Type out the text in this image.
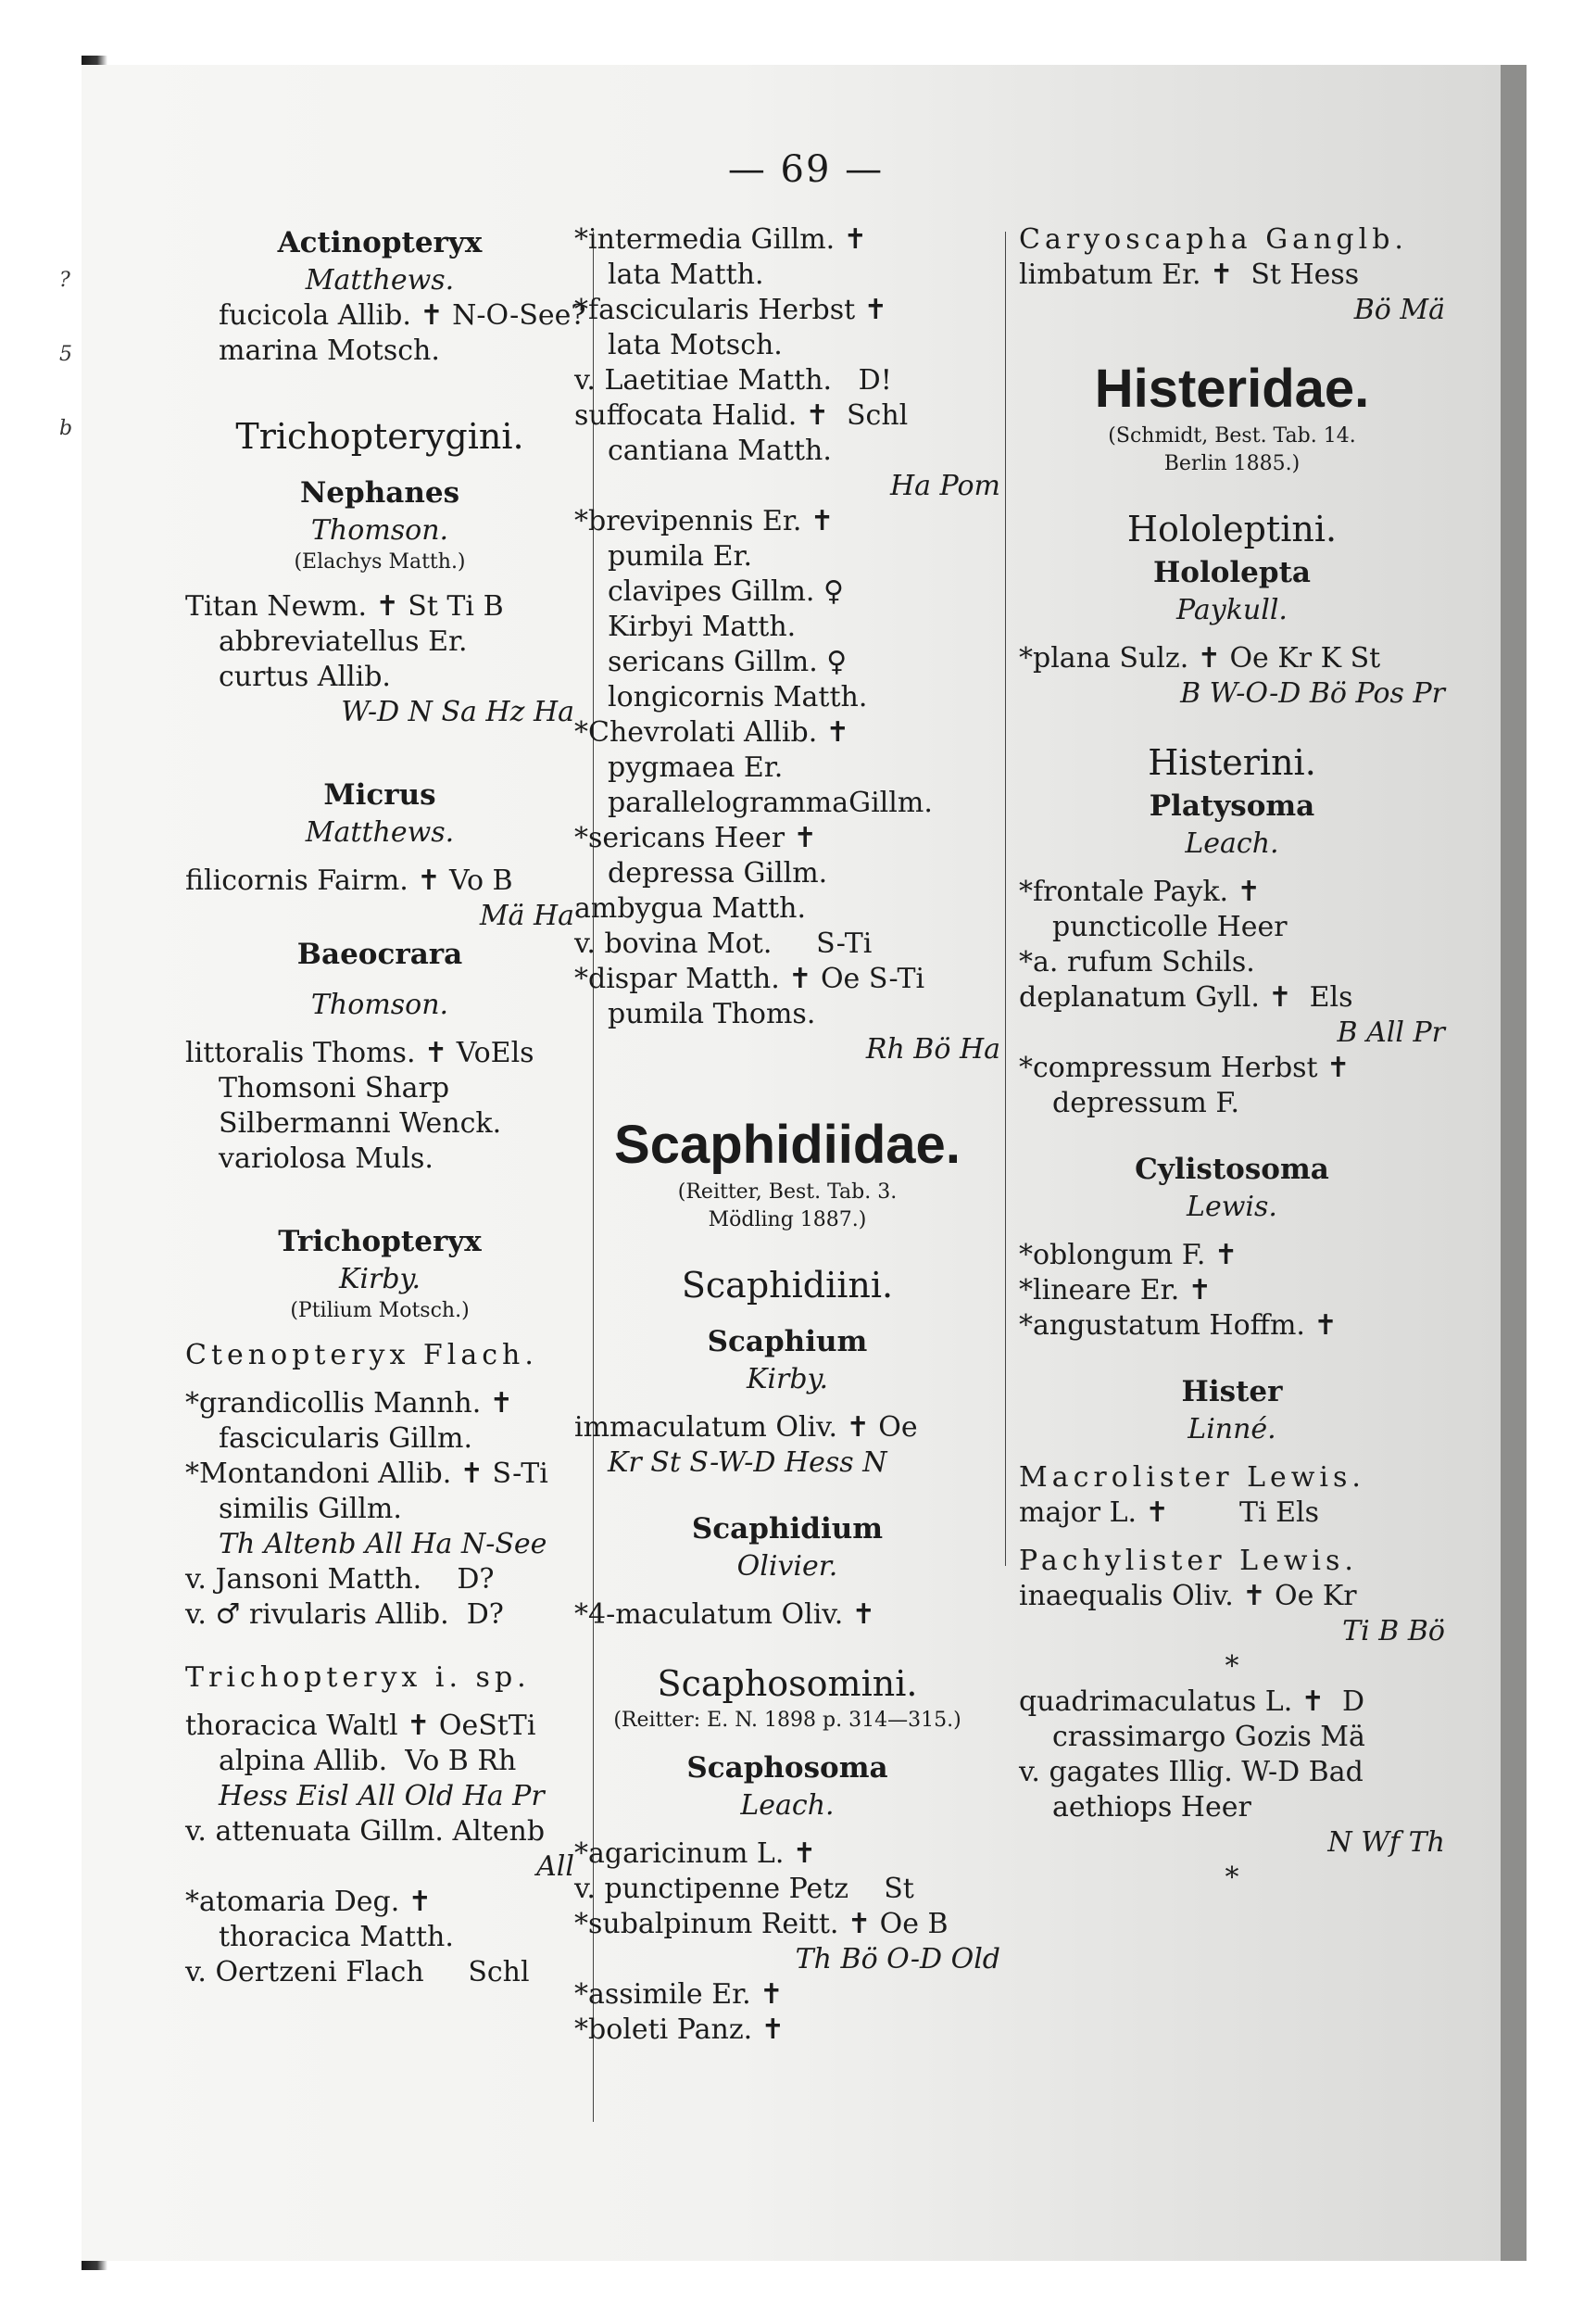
?
5
b
— 69 —
Actinopteryx
Matthews.
fucicola Allib. ✝ N-O-See?
marina Motsch.
Trichopterygini.
Nephanes
Thomson.
(Elachys Matth.)
Titan Newm. ✝ St Ti B
abbreviatellus Er.
curtus Allib.
W-D N Sa Hz Ha
Micrus
Matthews.
filicornis Fairm. ✝ Vo B
Mä Ha
Baeocrara
Thomson.
littoralis Thoms. ✝ VoEls
Thomsoni Sharp
Silbermanni Wenck.
variolosa Muls.
Trichopteryx
Kirby.
(Ptilium Motsch.)
Ctenopteryx Flach.
*grandicollis Mannh. ✝
fascicularis Gillm.
*Montandoni Allib. ✝ S-Ti
similis Gillm.
Th Altenb All Ha N-See
v. Jansoni Matth.    D?
v. ♂ rivularis Allib.  D?
Trichopteryx i. sp.
thoracica Waltl ✝ OeStTi
alpina Allib.  Vo B Rh
Hess Eisl All Old Ha Pr
v. attenuata Gillm. Altenb
All
*atomaria Deg. ✝
thoracica Matth.
v. Oertzeni Flach     Schl
*intermedia Gillm. ✝
lata Matth.
*fascicularis Herbst ✝
lata Motsch.
v. Laetitiae Matth.   D!
suffocata Halid. ✝  Schl
cantiana Matth.
Ha Pom
*brevipennis Er. ✝
pumila Er.
clavipes Gillm. ♀
Kirbyi Matth.
sericans Gillm. ♀
longicornis Matth.
*Chevrolati Allib. ✝
pygmaea Er.
parallelogrammaGillm.
*sericans Heer ✝
depressa Gillm.
ambygua Matth.
v. bovina Mot.     S-Ti
*dispar Matth. ✝ Oe S-Ti
pumila Thoms.
Rh Bö Ha
Scaphidiidae.
(Reitter, Best. Tab. 3.
Mödling 1887.)
Scaphidiini.
Scaphium
Kirby.
immaculatum Oliv. ✝ Oe
Kr St S-W-D Hess N
Scaphidium
Olivier.
*4-maculatum Oliv. ✝
Scaphosomini.
(Reitter: E. N. 1898 p. 314—315.)
Scaphosoma
Leach.
*agaricinum L. ✝
v. punctipenne Petz    St
*subalpinum Reitt. ✝ Oe B
Th Bö O-D Old
*assimile Er. ✝
*boleti Panz. ✝
Caryoscapha Ganglb.
limbatum Er. ✝  St Hess
Bö Mä
Histeridae.
(Schmidt, Best. Tab. 14.
Berlin 1885.)
Hololeptini.
Hololepta
Paykull.
*plana Sulz. ✝ Oe Kr K St
B W-O-D Bö Pos Pr
Histerini.
Platysoma
Leach.
*frontale Payk. ✝
puncticolle Heer
*a. rufum Schils.
deplanatum Gyll. ✝  Els
B All Pr
*compressum Herbst ✝
depressum F.
Cylistosoma
Lewis.
*oblongum F. ✝
*lineare Er. ✝
*angustatum Hoffm. ✝
Hister
Linné.
Macrolister Lewis.
major L. ✝        Ti Els
Pachylister Lewis.
inaequalis Oliv. ✝ Oe Kr
Ti B Bö
*
quadrimaculatus L. ✝  D
crassimargo Gozis Mä
v. gagates Illig. W-D Bad
aethiops Heer
N Wf Th
*
